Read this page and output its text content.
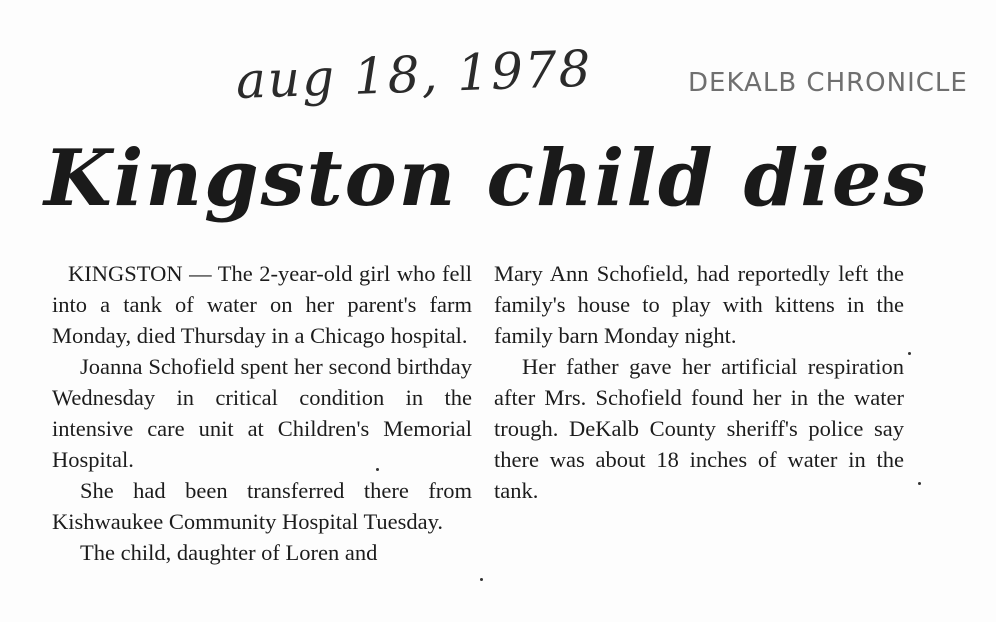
aug 18, 1978	DEKALB CHRONICLE
Kingston child dies

KINGSTON — The 2-year-old girl who fell into a tank of water on her parent's farm Monday, died Thursday in a Chicago hospital.

Joanna Schofield spent her second birthday Wednesday in critical condition in the intensive care unit at Children's Memorial Hospital.

She had been transferred there from Kishwaukee Community Hospital Tuesday.

The child, daughter of Loren and

Mary Ann Schofield, had reportedly left the family's house to play with kittens in the family barn Monday night.

Her father gave her artificial respiration after Mrs. Schofield found her in the water trough. DeKalb County sheriff's police say there was about 18 inches of water in the tank.
